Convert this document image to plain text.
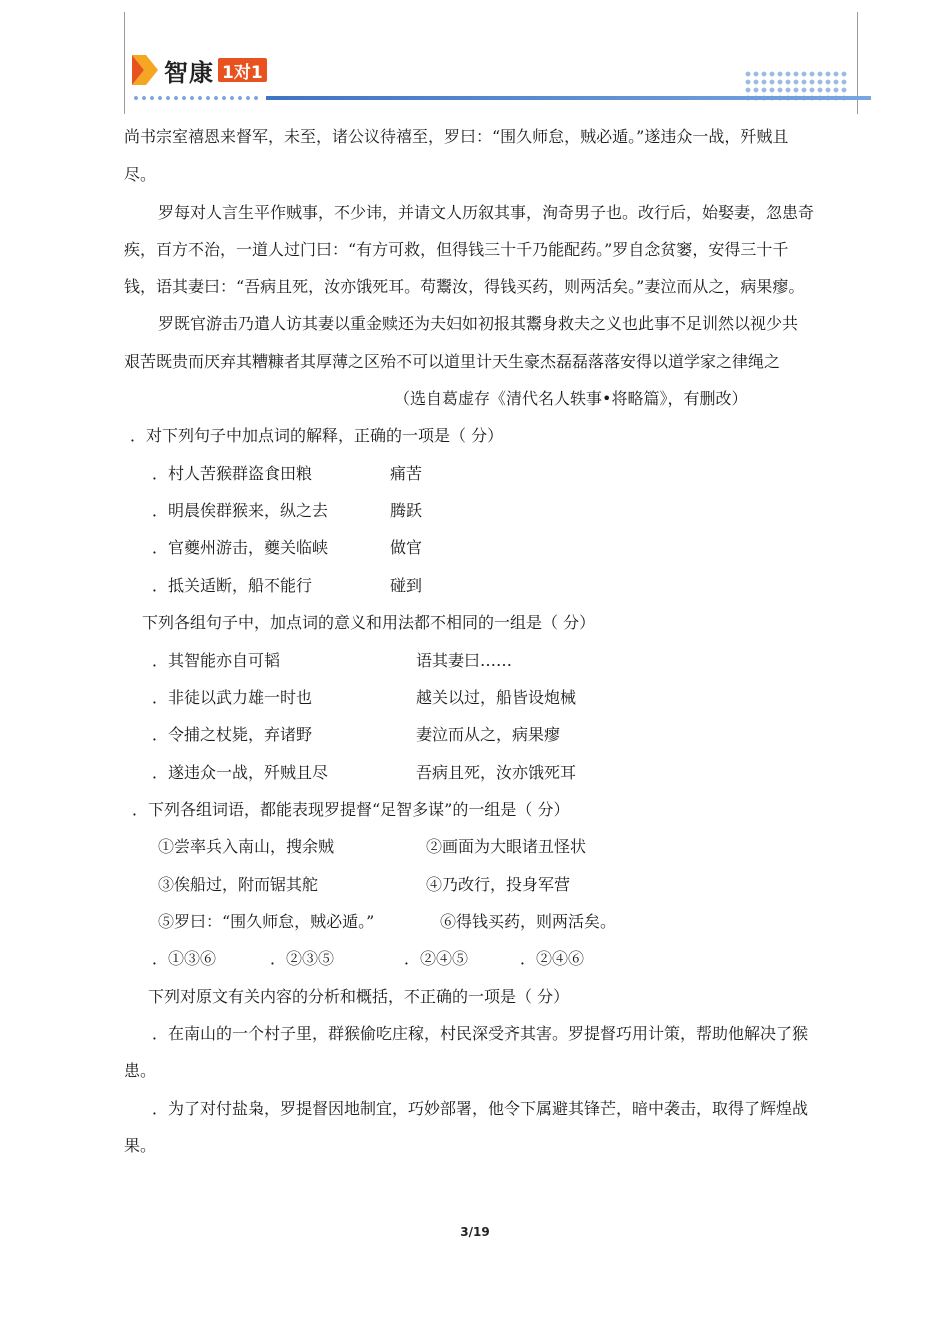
智康 1对1
尚书宗室禧恩来督军，未至，诸公议待禧至，罗曰：“围久师怠，贼必遁。”遂违众一战，歼贼且
尽。
罗每对人言生平作贼事，不少讳，并请文人历叙其事，洵奇男子也。改行后，始娶妻，忽患奇
疾，百方不治，一道人过门曰：“有方可救，但得钱三十千乃能配药。”罗自念贫窭，安得三十千
钱，语其妻曰：“吾病且死，汝亦饿死耳。苟鬻汝，得钱买药，则两活矣。”妻泣而从之，病果瘳。
罗既官游击乃遣人访其妻以重金赎还为夫妇如初报其鬻身救夫之义也此事不足训然以视少共
艰苦既贵而厌弃其糟糠者其厚薄之区殆不可以道里计天生豪杰磊磊落落安得以道学家之律绳之
（选自葛虚存《清代名人轶事•将略篇》，有删改）
．对下列句子中加点词的解释，正确的一项是（ 分）
．村人苦猴群盗食田粮	痛苦
．明晨俟群猴来，纵之去	腾跃
．官夔州游击，夔关临峡	做官
．抵关适断，船不能行	碰到
下列各组句子中，加点词的意义和用法都不相同的一组是（ 分）
．其智能亦自可韬	语其妻曰……
．非徒以武力雄一时也	越关以过，船皆设炮械
．令捕之杖毙，弃诸野	妻泣而从之，病果瘳
．遂违众一战，歼贼且尽	吾病且死，汝亦饿死耳
．下列各组词语，都能表现罗提督“足智多谋”的一组是（ 分）
①尝率兵入南山，搜余贼	②画面为大眼诸丑怪状
③俟船过，附而锯其舵	④乃改行，投身军营
⑤罗曰：“围久师怠，贼必遁。”	⑥得钱买药，则两活矣。
．①③⑥	．②③⑤	．②④⑤	．②④⑥
下列对原文有关内容的分析和概括，不正确的一项是（ 分）
．在南山的一个村子里，群猴偷吃庄稼，村民深受齐其害。罗提督巧用计策，帮助他解决了猴
患。
．为了对付盐枭，罗提督因地制宜，巧妙部署，他令下属避其锋芒，暗中袭击，取得了辉煌战
果。
3/19
